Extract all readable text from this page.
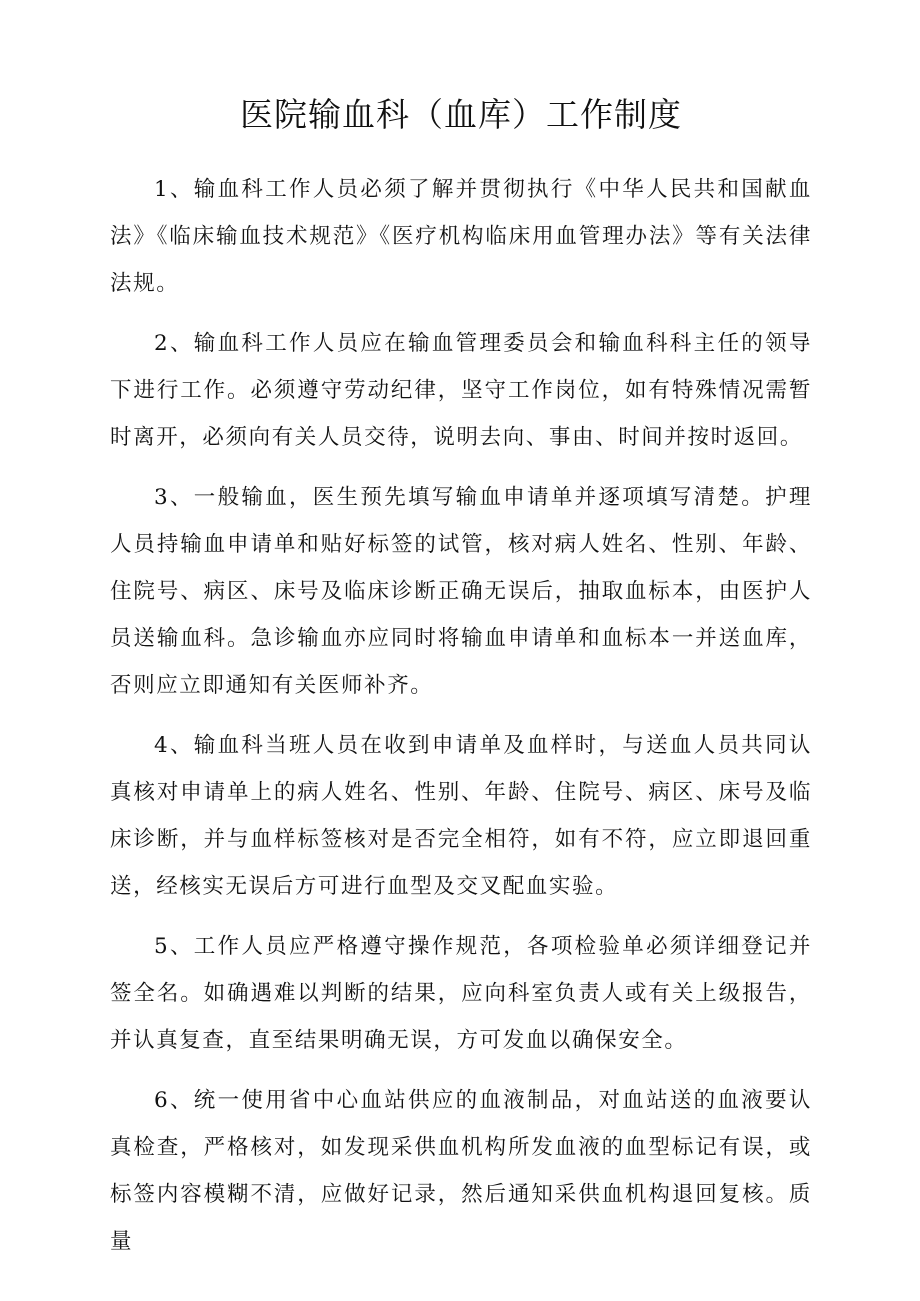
医院输血科（血库）工作制度

1、输血科工作人员必须了解并贯彻执行《中华人民共和国献血法》《临床输血技术规范》《医疗机构临床用血管理办法》等有关法律法规。

2、输血科工作人员应在输血管理委员会和输血科科主任的领导下进行工作。必须遵守劳动纪律，坚守工作岗位，如有特殊情况需暂时离开，必须向有关人员交待，说明去向、事由、时间并按时返回。

3、一般输血，医生预先填写输血申请单并逐项填写清楚。护理人员持输血申请单和贴好标签的试管，核对病人姓名、性别、年龄、住院号、病区、床号及临床诊断正确无误后，抽取血标本，由医护人员送输血科。急诊输血亦应同时将输血申请单和血标本一并送血库，否则应立即通知有关医师补齐。

4、输血科当班人员在收到申请单及血样时，与送血人员共同认真核对申请单上的病人姓名、性别、年龄、住院号、病区、床号及临床诊断，并与血样标签核对是否完全相符，如有不符，应立即退回重送，经核实无误后方可进行血型及交叉配血实验。

5、工作人员应严格遵守操作规范，各项检验单必须详细登记并签全名。如确遇难以判断的结果，应向科室负责人或有关上级报告，并认真复查，直至结果明确无误，方可发血以确保安全。

6、统一使用省中心血站供应的血液制品，对血站送的血液要认真检查，严格核对，如发现采供血机构所发血液的血型标记有误，或标签内容模糊不清，应做好记录，然后通知采供血机构退回复核。质量
